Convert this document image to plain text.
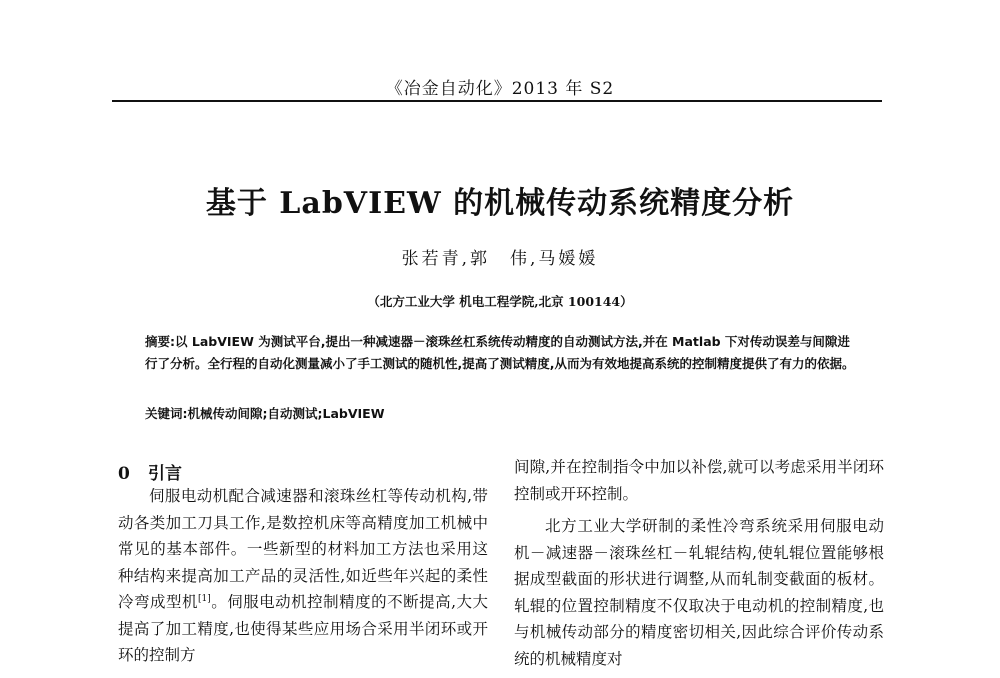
《冶金自动化》2013 年 S2
基于 LabVIEW 的机械传动系统精度分析
张若青,郭　伟,马媛媛
（北方工业大学 机电工程学院,北京 100144）
摘要:以 LabVIEW 为测试平台,提出一种减速器－滚珠丝杠系统传动精度的自动测试方法,并在 Matlab 下对传动误差与间隙进行了分析。全行程的自动化测量减小了手工测试的随机性,提高了测试精度,从而为有效地提高系统的控制精度提供了有力的依据。
关键词:机械传动间隙;自动测试;LabVIEW
0 引言

伺服电动机配合减速器和滚珠丝杠等传动机构,带动各类加工刀具工作,是数控机床等高精度加工机械中常见的基本部件。一些新型的材料加工方法也采用这种结构来提高加工产品的灵活性,如近些年兴起的柔性冷弯成型机[1]。伺服电动机控制精度的不断提高,大大提高了加工精度,也使得某些应用场合采用半闭环或开环的控制方

间隙,并在控制指令中加以补偿,就可以考虑采用半闭环控制或开环控制。

北方工业大学研制的柔性冷弯系统采用伺服电动机－减速器－滚珠丝杠－轧辊结构,使轧辊位置能够根据成型截面的形状进行调整,从而轧制变截面的板材。轧辊的位置控制精度不仅取决于电动机的控制精度,也与机械传动部分的精度密切相关,因此综合评价传动系统的机械精度对
